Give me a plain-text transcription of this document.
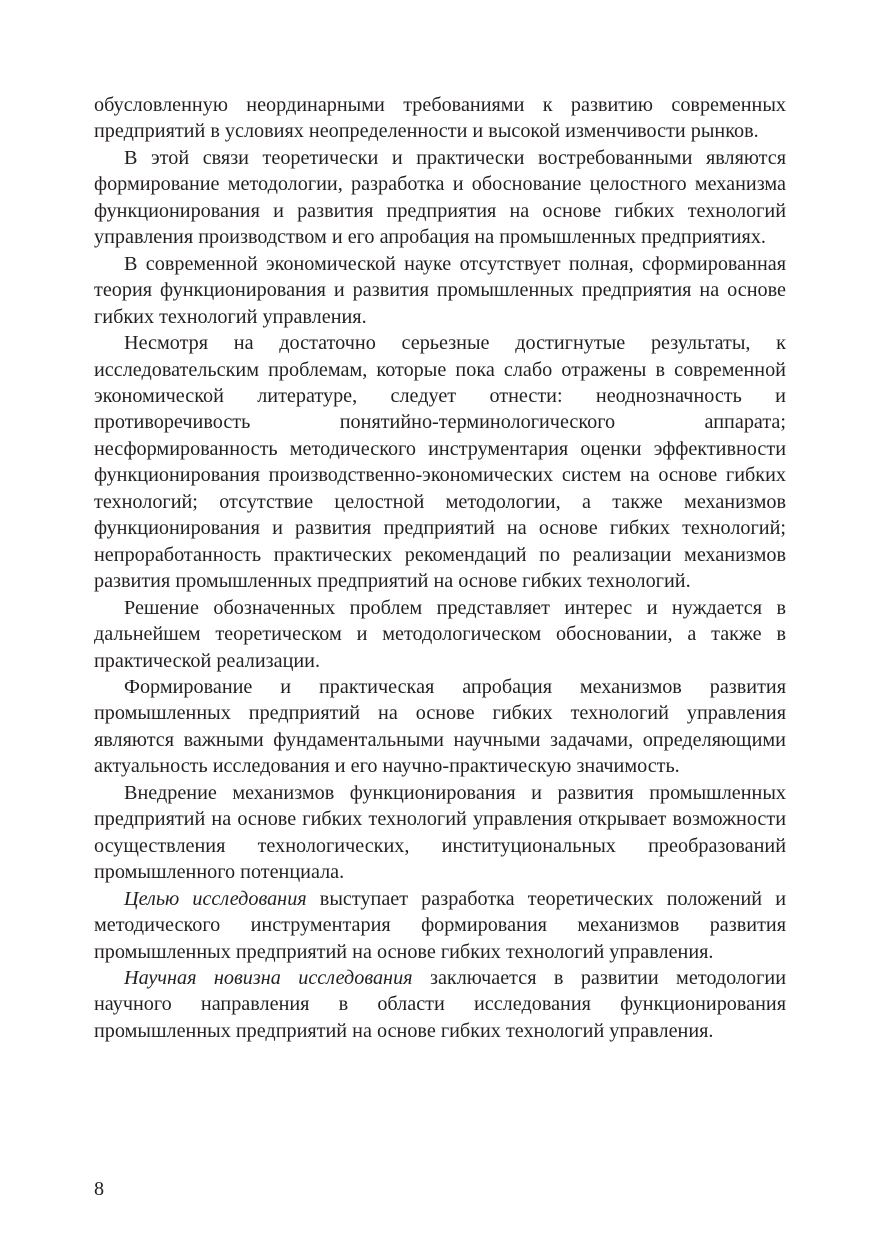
обусловленную неординарными требованиями к развитию современных предприятий в условиях неопределенности и высокой изменчивости рынков.

В этой связи теоретически и практически востребованными являются формирование методологии, разработка и обоснование целостного механизма функционирования и развития предприятия на основе гибких технологий управления производством и его апробация на промышленных предприятиях.

В современной экономической науке отсутствует полная, сформированная теория функционирования и развития промышленных предприятия на основе гибких технологий управления.

Несмотря на достаточно серьезные достигнутые результаты, к исследовательским проблемам, которые пока слабо отражены в современной экономической литературе, следует отнести: неоднозначность и противоречивость понятийно-терминологического аппарата; несформированность методического инструментария оценки эффективности функционирования производственно-экономических систем на основе гибких технологий; отсутствие целостной методологии, а также механизмов функционирования и развития предприятий на основе гибких технологий; непроработанность практических рекомендаций по реализации механизмов развития промышленных предприятий на основе гибких технологий.

Решение обозначенных проблем представляет интерес и нуждается в дальнейшем теоретическом и методологическом обосновании, а также в практической реализации.

Формирование и практическая апробация механизмов развития промышленных предприятий на основе гибких технологий управления являются важными фундаментальными научными задачами, определяющими актуальность исследования и его научно-практическую значимость.

Внедрение механизмов функционирования и развития промышленных предприятий на основе гибких технологий управления открывает возможности осуществления технологических, институциональных преобразований промышленного потенциала.

Целью исследования выступает разработка теоретических положений и методического инструментария формирования механизмов развития промышленных предприятий на основе гибких технологий управления.

Научная новизна исследования заключается в развитии методологии научного направления в области исследования функционирования промышленных предприятий на основе гибких технологий управления.

8
